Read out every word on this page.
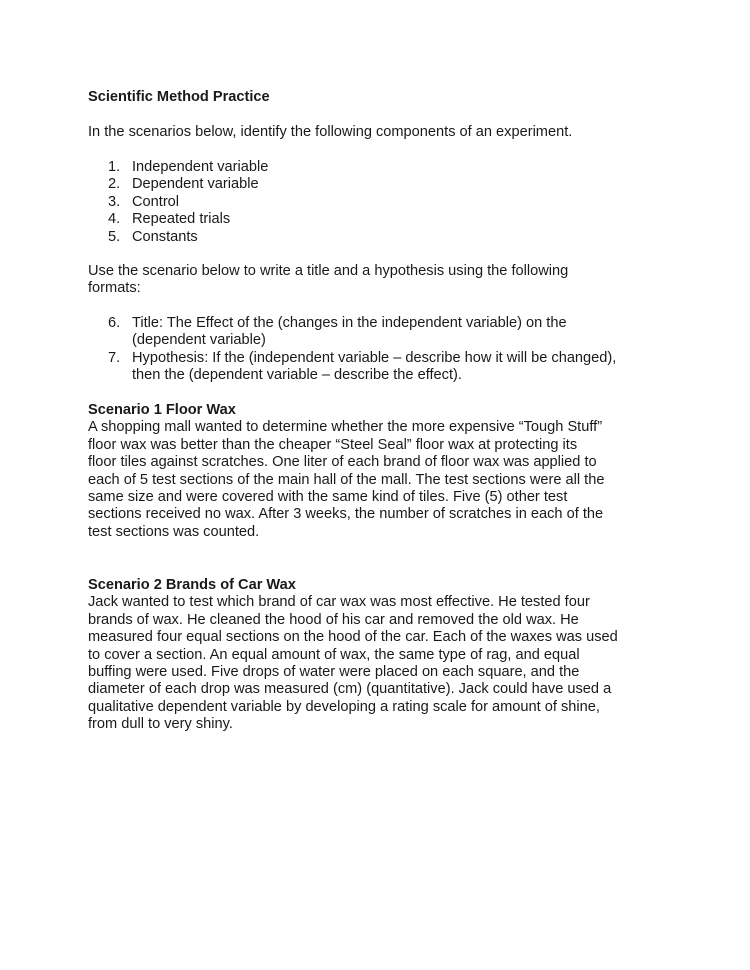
Scientific Method Practice
In the scenarios below, identify the following components of an experiment.
1. Independent variable
2. Dependent variable
3. Control
4. Repeated trials
5. Constants
Use the scenario below to write a title and a hypothesis using the following
formats:
6. Title: The Effect of the (changes in the independent variable) on the
(dependent variable)
7. Hypothesis: If the (independent variable – describe how it will be changed),
then the (dependent variable – describe the effect).
Scenario 1 Floor Wax
A shopping mall wanted to determine whether the more expensive “Tough Stuff”
floor wax was better than the cheaper “Steel Seal” floor wax at protecting its
floor tiles against scratches. One liter of each brand of floor wax was applied to
each of 5 test sections of the main hall of the mall. The test sections were all the
same size and were covered with the same kind of tiles. Five (5) other test
sections received no wax. After 3 weeks, the number of scratches in each of the
test sections was counted.
Scenario 2 Brands of Car Wax
Jack wanted to test which brand of car wax was most effective. He tested four
brands of wax. He cleaned the hood of his car and removed the old wax. He
measured four equal sections on the hood of the car. Each of the waxes was used
to cover a section. An equal amount of wax, the same type of rag, and equal
buffing were used. Five drops of water were placed on each square, and the
diameter of each drop was measured (cm) (quantitative). Jack could have used a
qualitative dependent variable by developing a rating scale for amount of shine,
from dull to very shiny.
